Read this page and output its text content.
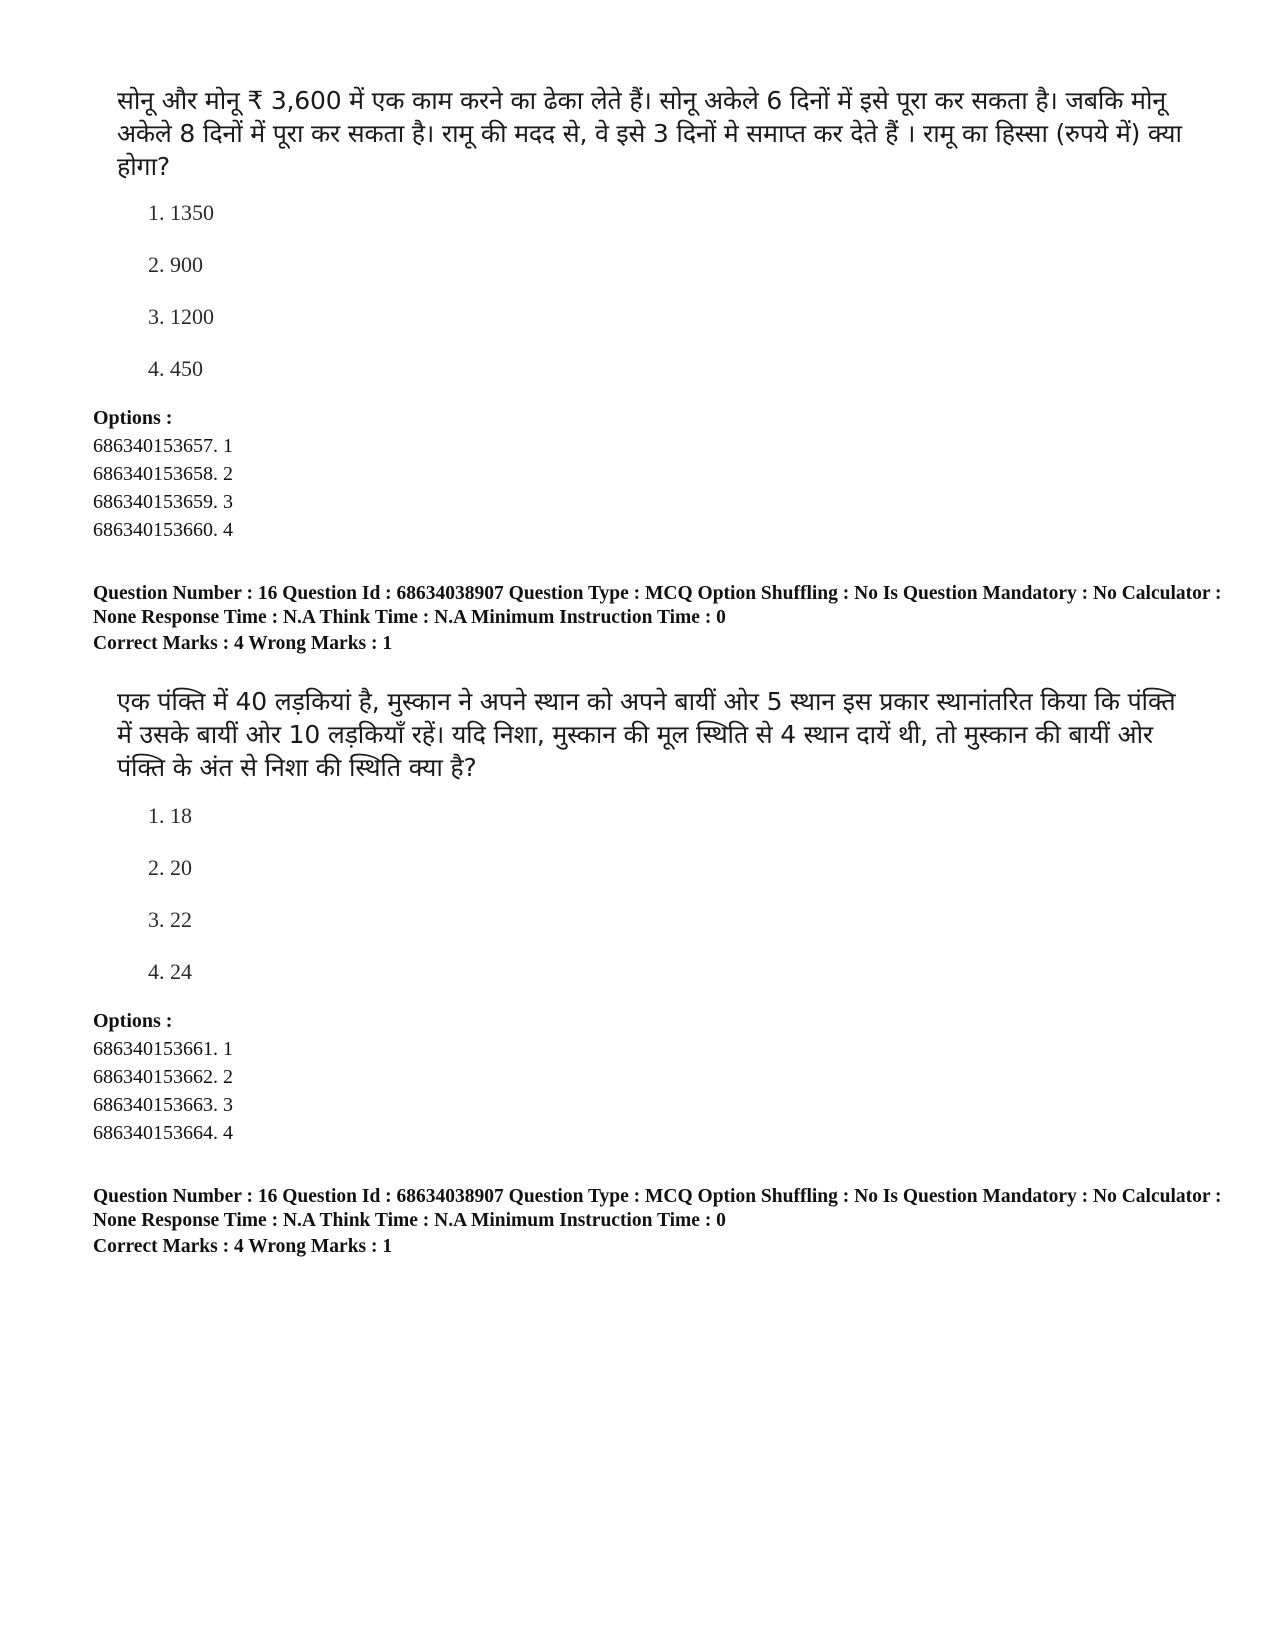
सोनू और मोनू ₹ 3,600 में एक काम करने का ढेका लेते हैं। सोनू अकेले 6 दिनों में इसे पूरा कर सकता है। जबकि मोनू अकेले 8 दिनों में पूरा कर सकता है। रामू की मदद से, वे इसे 3 दिनों मे समाप्त कर देते हैं । रामू का हिस्सा (रुपये में) क्या होगा?
1. 1350
2. 900
3. 1200
4. 450
Options :
686340153657. 1
686340153658. 2
686340153659. 3
686340153660. 4
Question Number : 16 Question Id : 68634038907 Question Type : MCQ Option Shuffling : No Is Question Mandatory : No Calculator : None Response Time : N.A Think Time : N.A Minimum Instruction Time : 0
Correct Marks : 4 Wrong Marks : 1
एक पंक्ति में 40 लड़कियां है, मुस्कान ने अपने स्थान को अपने बायीं ओर 5 स्थान इस प्रकार स्थानांतरित किया कि पंक्ति में उसके बायीं ओर 10 लड़कियाँ रहें। यदि निशा, मुस्कान की मूल स्थिति से 4 स्थान दायें थी, तो मुस्कान की बायीं ओर पंक्ति के अंत से निशा की स्थिति क्या है?
1. 18
2. 20
3. 22
4. 24
Options :
686340153661. 1
686340153662. 2
686340153663. 3
686340153664. 4
Question Number : 16 Question Id : 68634038907 Question Type : MCQ Option Shuffling : No Is Question Mandatory : No Calculator : None Response Time : N.A Think Time : N.A Minimum Instruction Time : 0
Correct Marks : 4 Wrong Marks : 1
